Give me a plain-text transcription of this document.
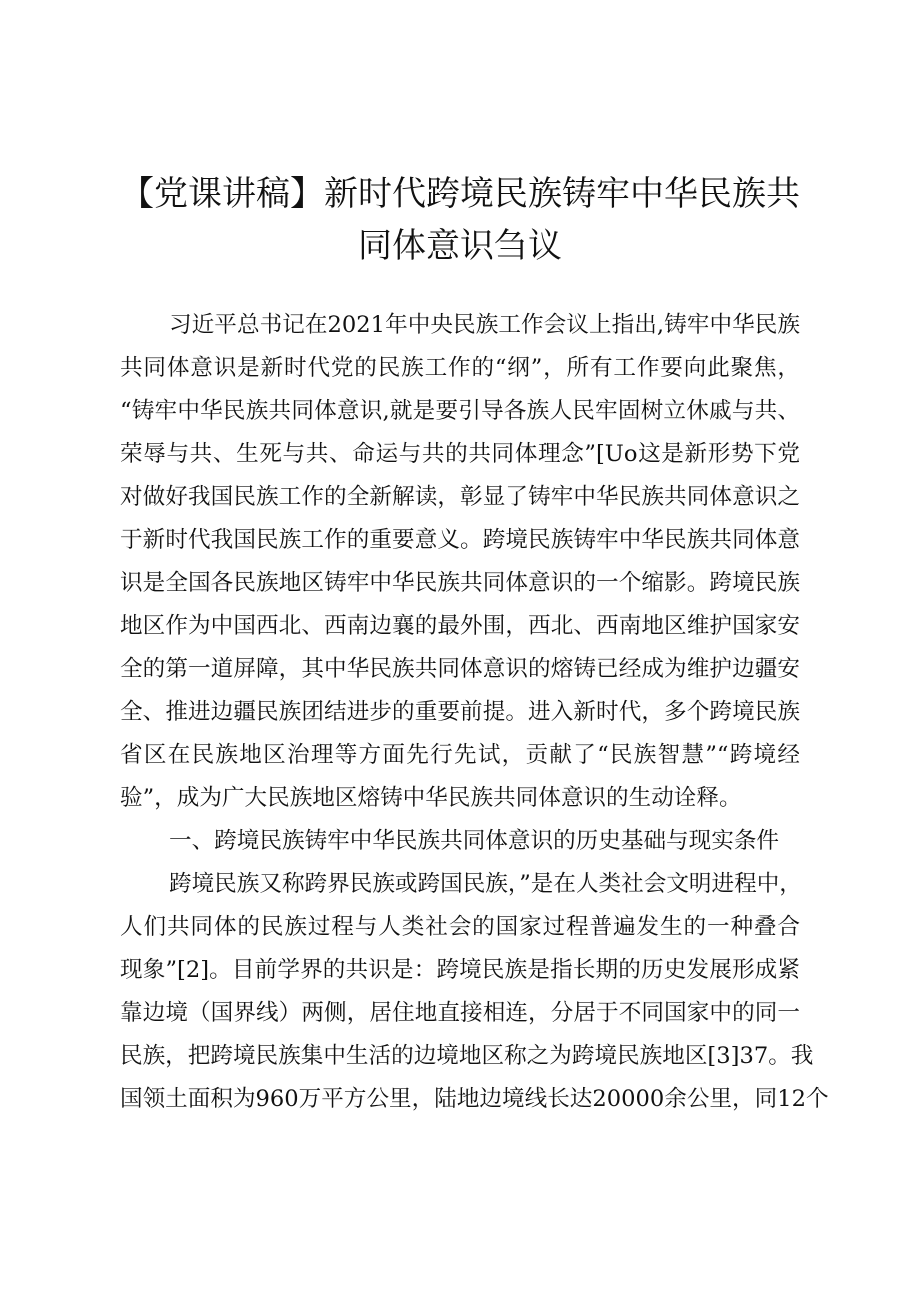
【党课讲稿】新时代跨境民族铸牢中华民族共
同体意识刍议
习近平总书记在2021年中央民族工作会议上指出,铸牢中华民族
共同体意识是新时代党的民族工作的“纲”，所有工作要向此聚焦，
“铸牢中华民族共同体意识,就是要引导各族人民牢固树立休戚与共、
荣辱与共、生死与共、命运与共的共同体理念”[Uo这是新形势下党
对做好我国民族工作的全新解读，彰显了铸牢中华民族共同体意识之
于新时代我国民族工作的重要意义。跨境民族铸牢中华民族共同体意
识是全国各民族地区铸牢中华民族共同体意识的一个缩影。跨境民族
地区作为中国西北、西南边襄的最外围，西北、西南地区维护国家安
全的第一道屏障，其中华民族共同体意识的熔铸已经成为维护边疆安
全、推进边疆民族团结进步的重要前提。进入新时代，多个跨境民族
省区在民族地区治理等方面先行先试，贡献了“民族智慧”“跨境经
验”，成为广大民族地区熔铸中华民族共同体意识的生动诠释。
一、跨境民族铸牢中华民族共同体意识的历史基础与现实条件
跨境民族又称跨界民族或跨国民族，”是在人类社会文明进程中，
人们共同体的民族过程与人类社会的国家过程普遍发生的一种叠合
现象”[2]。目前学界的共识是：跨境民族是指长期的历史发展形成紧
靠边境（国界线）两侧，居住地直接相连，分居于不同国家中的同一
民族，把跨境民族集中生活的边境地区称之为跨境民族地区[3]37。我
国领土面积为960万平方公里，陆地边境线长达20000余公里，同12个
